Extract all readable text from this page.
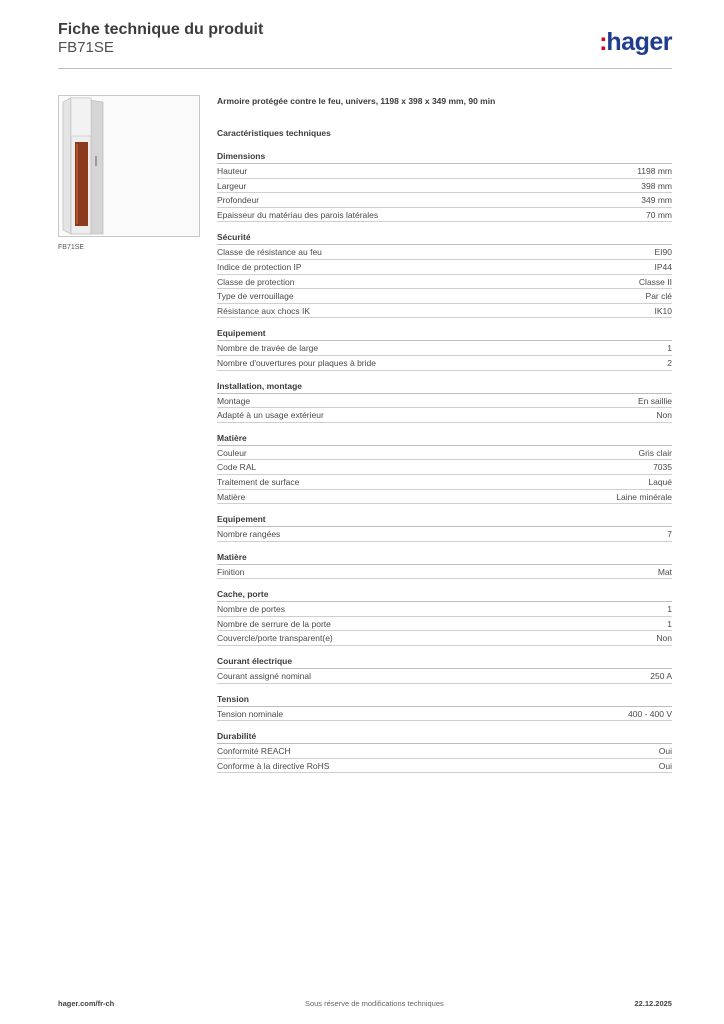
Fiche technique du produit
FB71SE	:hager
FB71SE
Armoire protégée contre le feu, univers, 1198 x 398 x 349 mm, 90 min
Caractéristiques techniques
Dimensions
Hauteur	1198 mm
Largeur	398 mm
Profondeur	349 mm
Epaisseur du matériau des parois latérales	70 mm
Sécurité
Classe de résistance au feu	EI90
Indice de protection IP	IP44
Classe de protection	Classe II
Type de verrouillage	Par clé
Résistance aux chocs IK	IK10
Equipement
Nombre de travée de large	1
Nombre d'ouvertures pour plaques à bride	2
Installation, montage
Montage	En saillie
Adapté à un usage extérieur	Non
Matière
Couleur	Gris clair
Code RAL	7035
Traitement de surface	Laqué
Matière	Laine minérale
Equipement
Nombre rangées	7
Matière
Finition	Mat
Cache, porte
Nombre de portes	1
Nombre de serrure de la porte	1
Couvercle/porte transparent(e)	Non
Courant électrique
Courant assigné nominal	250 A
Tension
Tension nominale	400 - 400 V
Durabilité
Conformité REACH	Oui
Conforme à la directive RoHS	Oui
hager.com/fr-ch	Sous réserve de modifications techniques	22.12.2025
